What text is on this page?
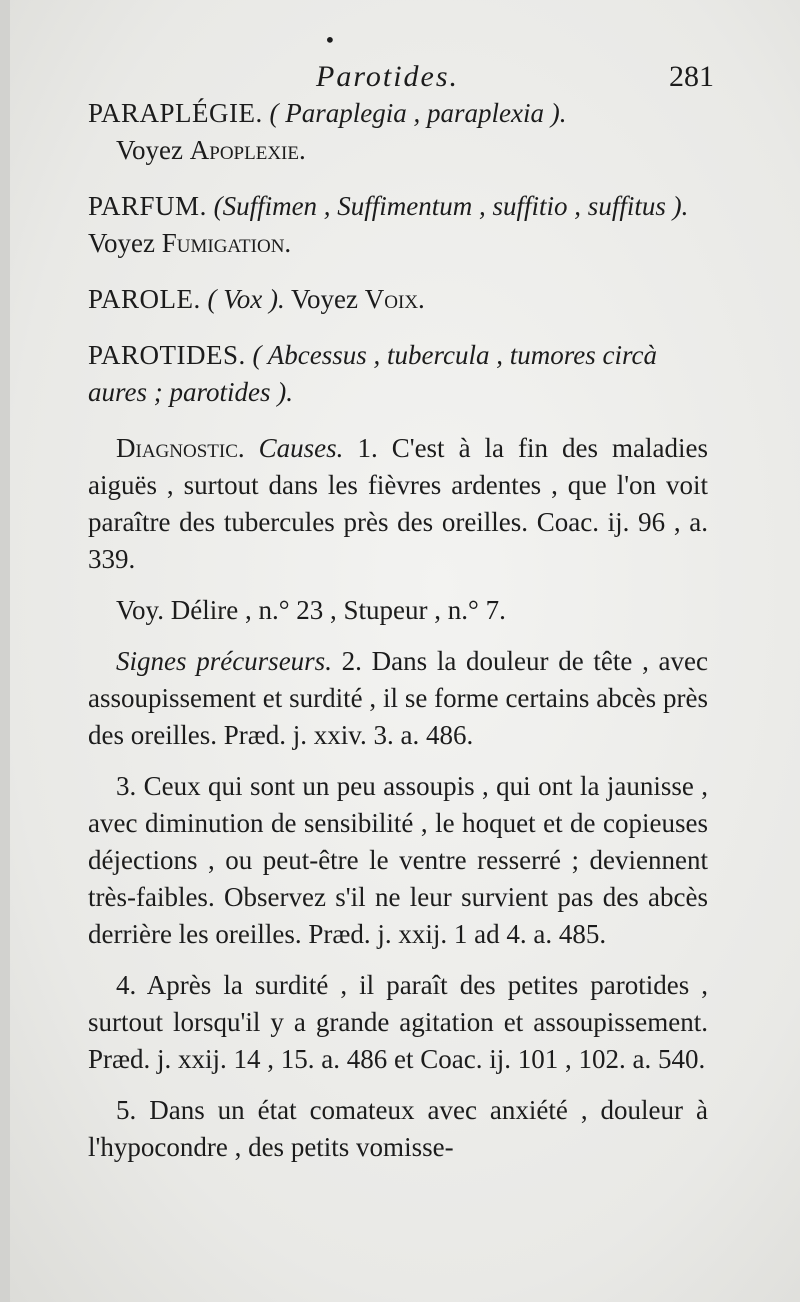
•
Parotides.	281

PARAPLÉGIE. ( Paraplegia , paraplexia ).

Voyez Apoplexie.

PARFUM. (Suffimen , Suffimentum , suffitio , suffitus ). Voyez Fumigation.

PAROLE. ( Vox ). Voyez Voix.

PAROTIDES. ( Abcessus , tubercula , tumores circà aures ; parotides ).

Diagnostic. Causes. 1. C'est à la fin des maladies aiguës , surtout dans les fièvres ardentes , que l'on voit paraître des tubercules près des oreilles. Coac. ij. 96 , a. 339.

Voy. Délire , n.° 23 , Stupeur , n.° 7.

Signes précurseurs. 2. Dans la douleur de tête , avec assoupissement et surdité , il se forme certains abcès près des oreilles. Præd. j. xxiv. 3. a. 486.

3. Ceux qui sont un peu assoupis , qui ont la jaunisse , avec diminution de sensibilité , le hoquet et de copieuses déjections , ou peut-être le ventre resserré ; deviennent très-faibles. Observez s'il ne leur survient pas des abcès derrière les oreilles. Præd. j. xxij. 1 ad 4. a. 485.

4. Après la surdité , il paraît des petites parotides , surtout lorsqu'il y a grande agitation et assoupissement. Præd. j. xxij. 14 , 15. a. 486 et Coac. ij. 101 , 102. a. 540.

5. Dans un état comateux avec anxiété , douleur à l'hypocondre , des petits vomisse-
